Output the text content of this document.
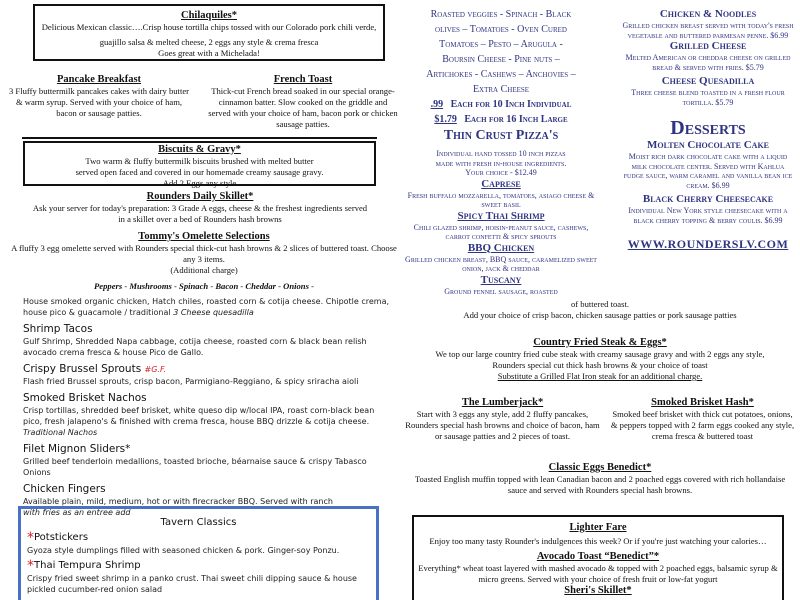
Chilaquiles*
Delicious Mexican classic….Crisp house tortilla chips tossed with our Colorado pork chili verde,
guajillo salsa & melted cheese, 2 eggs any style & crema fresca
Goes great with a Michelada!
Pancake Breakfast
3 Fluffy buttermilk pancakes cakes with dairy butter & warm syrup. Served with your choice of ham, bacon or sausage patties.
French Toast
Thick-cut French bread soaked in our special orange-cinnamon batter. Slow cooked on the griddle and served with your choice of ham, bacon pork or chicken sausage patties.
Biscuits & Gravy*
Two warm & fluffy buttermilk biscuits brushed with melted butter
served open faced and covered in our homemade creamy sausage gravy.
Add 2 Eggs any style
Rounders Daily Skillet*
Ask your server for today's preparation: 3 Grade A eggs, cheese & the freshest ingredients served in a skillet over a bed of Rounders hash browns
Tommy's Omelette Selections
A fluffy 3 egg omelette served with Rounders special thick-cut hash browns & 2 slices of buttered toast. Choose any 3 items.
(Additional charge)
Peppers - Mushrooms - Spinach - Bacon - Cheddar - Onions -
House smoked organic chicken, Hatch chiles, roasted corn & cotija cheese. Chipotle crema, house pico & guacamole / traditional 3 Cheese quesadilla
Shrimp Tacos
Gulf Shrimp, Shredded Napa cabbage, cotija cheese, roasted corn & black bean relish avocado crema fresca & house Pico de Gallo.
Crispy Brussel Sprouts #G.F.
Flash fried Brussel sprouts, crisp bacon, Parmigiano-Reggiano, & spicy sriracha aioli
Smoked Brisket Nachos
Crisp tortillas, shredded beef brisket, white queso dip w/local IPA, roast corn-black bean pico, fresh jalapeno's & finished with crema fresca, house BBQ drizzle & cotija cheese.
Traditional Nachos
Filet Mignon Sliders*
Grilled beef tenderloin medallions, toasted brioche, béarnaise sauce & crispy Tabasco Onions
Chicken Fingers
Available plain, mild, medium, hot or with firecracker BBQ. Served with ranch
with fries as an entree add
Tavern Classics
*Potstickers
Gyoza style dumplings filled with seasoned chicken & pork. Ginger-soy Ponzu.
*Thai Tempura Shrimp
Crispy fried sweet shrimp in a panko crust. Thai sweet chili dipping sauce & house pickled cucumber-red onion salad

Roasted veggies - Spinach - Black
olives – Tomatoes - Oven Cured
Tomatoes – Pesto – Arugula -
Boursin Cheese - Pine nuts –
Artichokes - Cashews – Anchovies –
Extra Cheese
.99 Each for 10 Inch Individual
$1.79 Each for 16 Inch Large
Thin Crust Pizza's
Individual hand tossed 10 inch pizzas
made with fresh in-house ingredients.
Your choice - $12.49
Caprese
Fresh buffalo mozzarella, tomatoes, asiago cheese & sweet basil
Spicy Thai Shrimp
Chili glazed shrimp, hoisin-peanut sauce, cashews, carrot confetti & spicy sprouts
BBQ Chicken
Grilled chicken breast, BBQ sauce, caramelized sweet onion, jack & cheddar
Tuscany
Ground fennel sausage, roasted
Chicken & Noodles
Grilled chicken breast served with today's fresh vegetable and buttered parmesan penne. $6.99
Grilled Cheese
Melted American or cheddar cheese on grilled bread & served with fries. $5.79
Cheese Quesadilla
Three cheese blend toasted in a fresh flour tortilla. $5.79
Desserts
Molten Chocolate Cake
Moist rich dark chocolate cake with a liquid milk chocolate center. Served with Kahlua fudge sauce, warm caramel and vanilla bean ice cream. $6.99
Black Cherry Cheesecake
Individual New York style cheesecake with a black cherry topping & berry coulis. $6.99
WWW.ROUNDERSLV.COM
of buttered toast.
Add your choice of crisp bacon, chicken sausage patties or pork sausage patties
Country Fried Steak & Eggs*
We top our large country fried cube steak with creamy sausage gravy and with 2 eggs any style,
Rounders special cut thick hash browns & your choice of toast
Substitute a Grilled Flat Iron steak for an additional charge.
The Lumberjack*
Start with 3 eggs any style, add 2 fluffy pancakes, Rounders special hash browns and choice of bacon, ham or sausage patties and 2 pieces of toast.
Smoked Brisket Hash*
Smoked beef brisket with thick cut potatoes, onions, & peppers topped with 2 farm eggs cooked any style, crema fresca & buttered toast
Classic Eggs Benedict*
Toasted English muffin topped with lean Canadian bacon and 2 poached eggs covered with rich hollandaise sauce and served with Rounders special hash browns.
Lighter Fare
Enjoy too many tasty Rounder's indulgences this week? Or if you're just watching your calories…
Avocado Toast “Benedict”*
Everything* wheat toast layered with mashed avocado & topped with 2 poached eggs, balsamic syrup & micro greens. Served with your choice of fresh fruit or low-fat yogurt
Sheri's Skillet*
